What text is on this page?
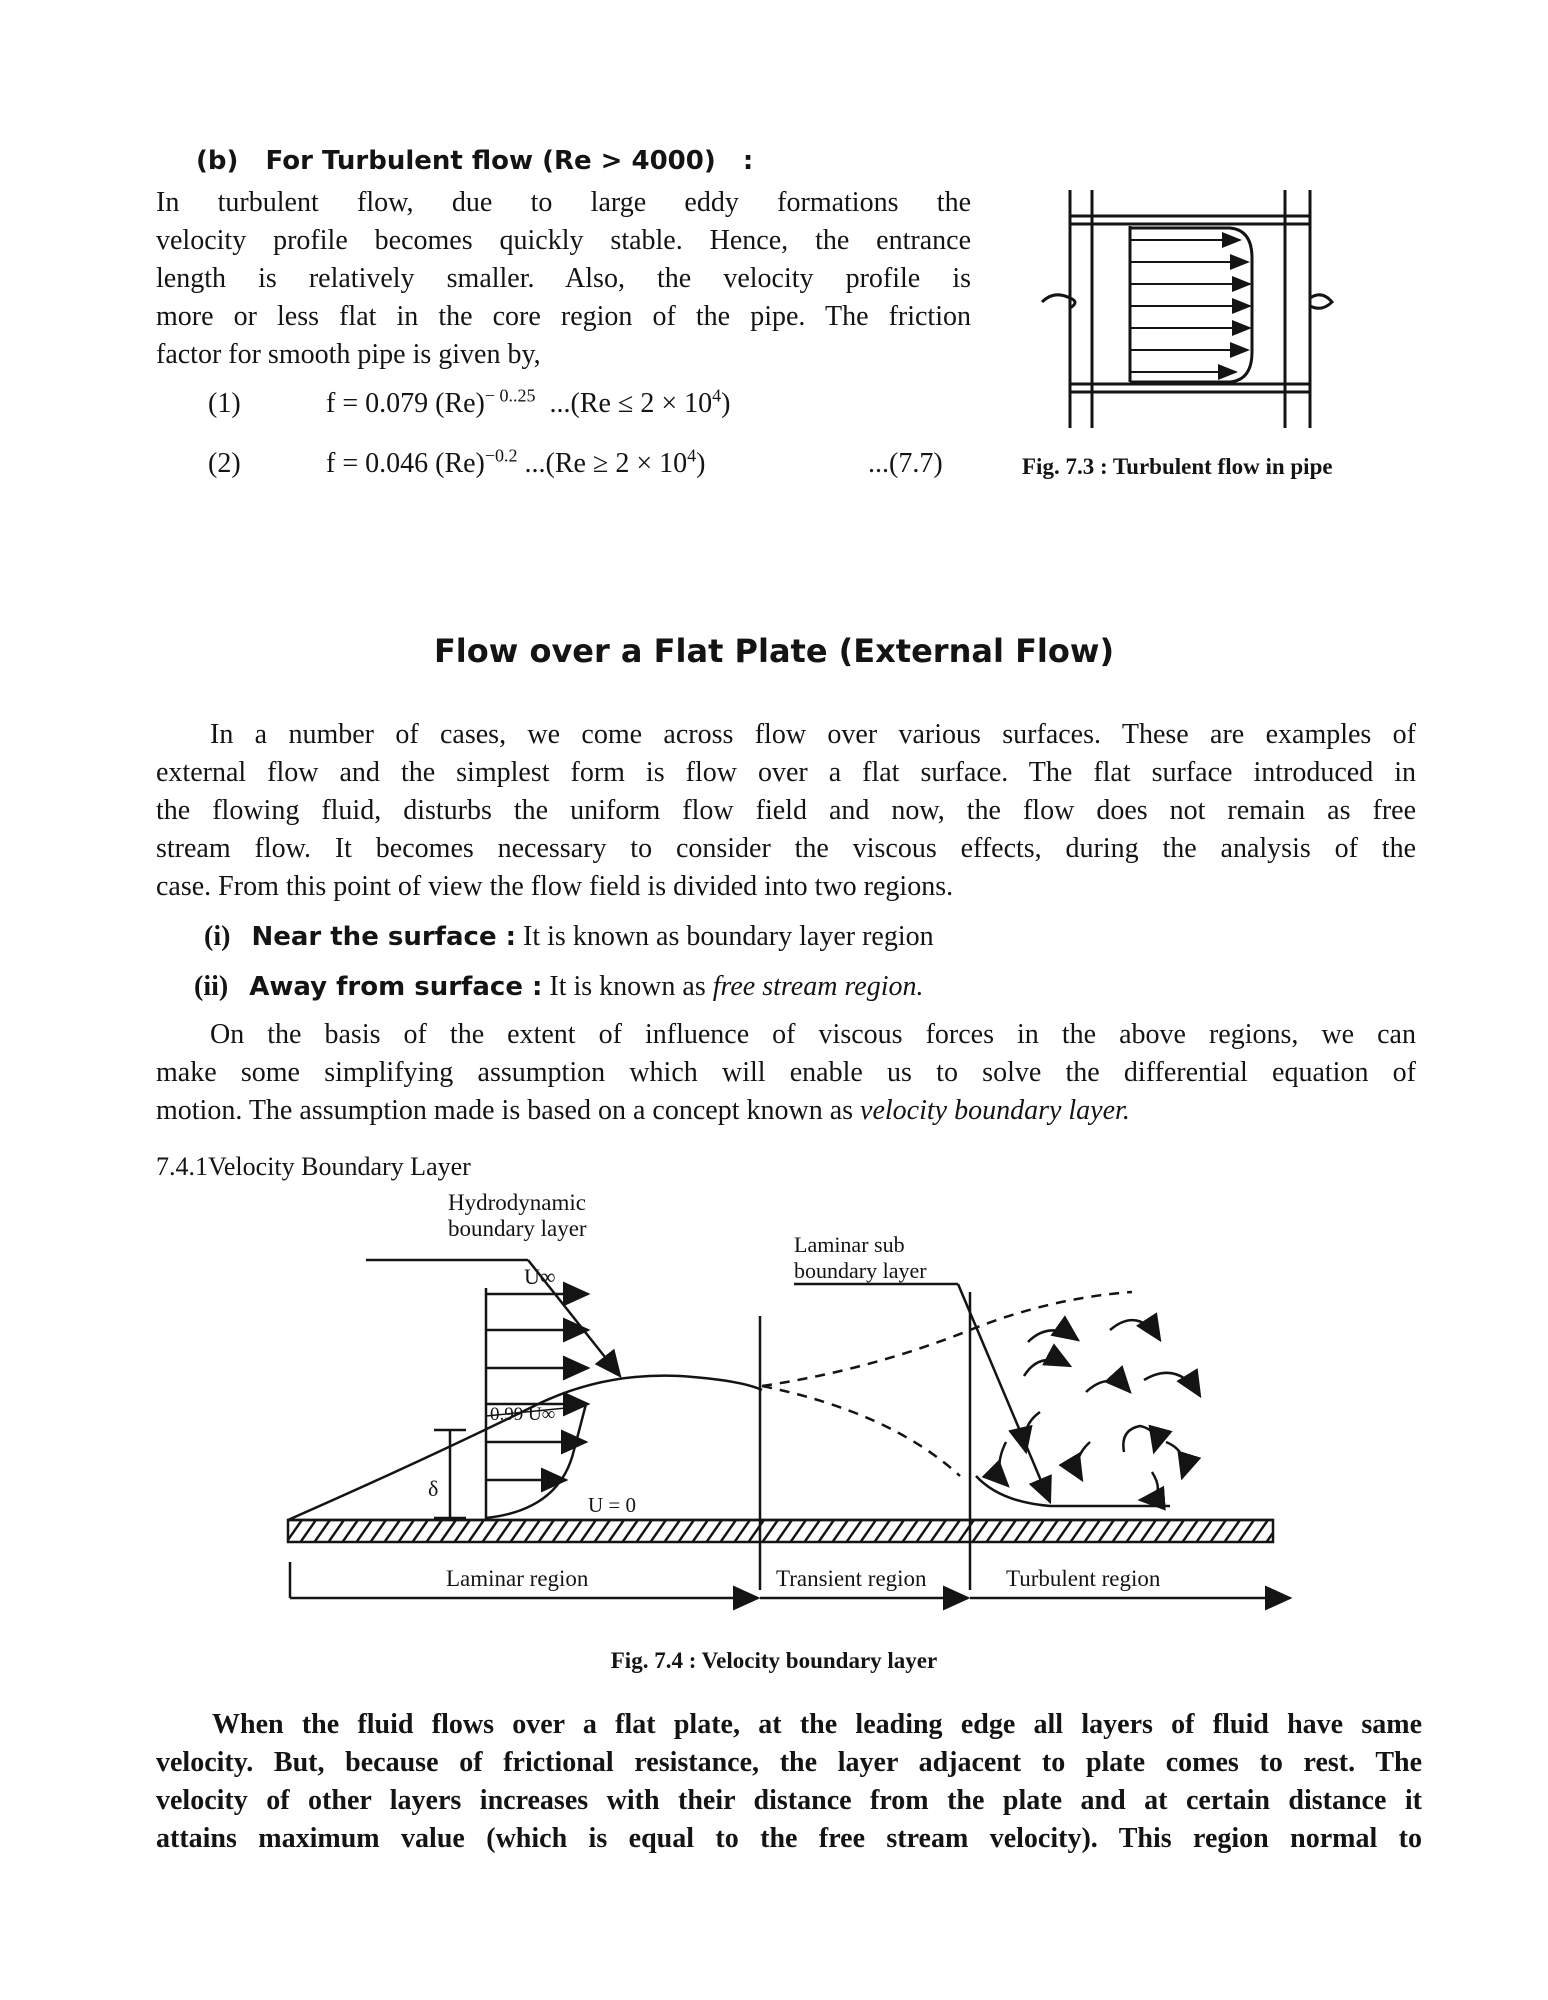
(b) For Turbulent flow (Re > 4000) :
In turbulent flow, due to large eddy formations the
velocity profile becomes quickly stable. Hence, the entrance
length is relatively smaller. Also, the velocity profile is
more or less flat in the core region of the pipe. The friction
factor for smooth pipe is given by,
(1)	f = 0.079 $(Re)^{- 0..25}$ $...(Re \le 2 \times 10^4)$
(2)	f = 0.046 $(Re)^{-0.2}$ $...(Re \ge 2 \times 10^4)$	...(7.7)	Fig. 7.3 : Turbulent flow in pipe
Flow over a Flat Plate (External Flow)
In a number of cases, we come across flow over various surfaces. These are examples of
external flow and the simplest form is flow over a flat surface. The flat surface introduced in
the flowing fluid, disturbs the uniform flow field and now, the flow does not remain as free
stream flow. It becomes necessary to consider the viscous effects, during the analysis of the
case. From this point of view the flow field is divided into two regions.
(i) Near the surface : It is known as boundary layer region
(ii) Away from surface : It is known as free stream region.
On the basis of the extent of influence of viscous forces in the above regions, we can
make some simplifying assumption which will enable us to solve the differential equation of
motion. The assumption made is based on a concept known as velocity boundary layer.
7.4.1Velocity Boundary Layer
Hydrodynamic
boundary layer
Laminar sub
boundary layer
U∞
0.99 U∞
δ
U = 0
Laminar region	Transient region	Turbulent region
Fig. 7.4 : Velocity boundary layer
When the fluid flows over a flat plate, at the leading edge all layers of fluid have same
velocity. But, because of frictional resistance, the layer adjacent to plate comes to rest. The
velocity of other layers increases with their distance from the plate and at certain distance it
attains maximum value (which is equal to the free stream velocity). This region normal to
